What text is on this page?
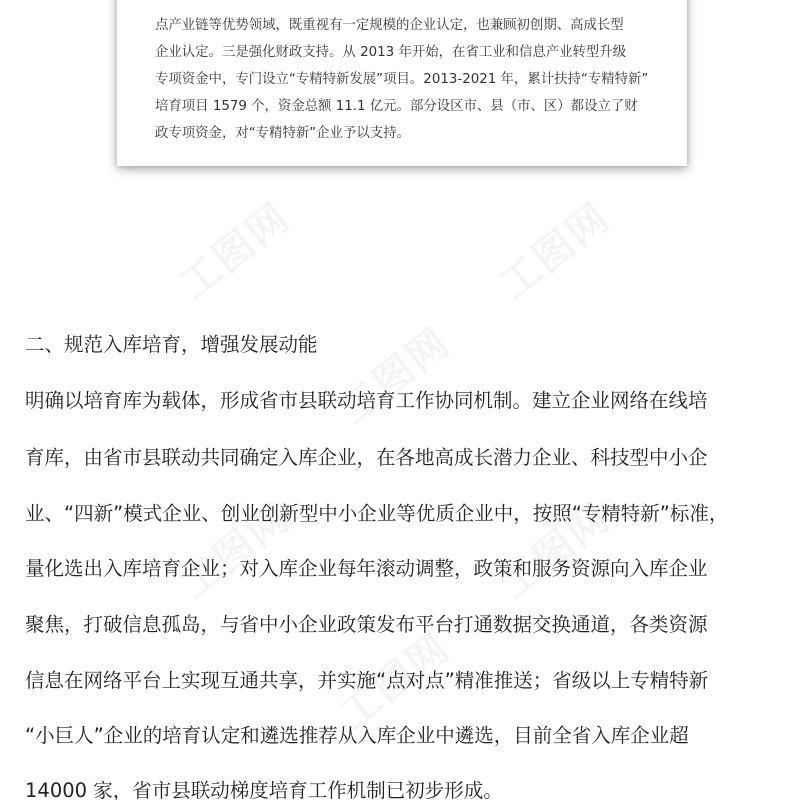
点产业链等优势领域，既重视有一定规模的企业认定，也兼顾初创期、高成长型
企业认定。三是强化财政支持。从 2013 年开始，在省工业和信息产业转型升级
专项资金中，专门设立“专精特新发展”项目。2013-2021 年，累计扶持“专精特新”
培育项目 1579 个，资金总额 11.1 亿元。部分设区市、县（市、区）都设立了财
政专项资金，对“专精特新”企业予以支持。
二、规范入库培育，增强发展动能
明确以培育库为载体，形成省市县联动培育工作协同机制。建立企业网络在线培
育库，由省市县联动共同确定入库企业，在各地高成长潜力企业、科技型中小企
业、“四新”模式企业、创业创新型中小企业等优质企业中，按照“专精特新”标准，
量化选出入库培育企业；对入库企业每年滚动调整，政策和服务资源向入库企业
聚焦，打破信息孤岛，与省中小企业政策发布平台打通数据交换通道，各类资源
信息在网络平台上实现互通共享，并实施“点对点”精准推送；省级以上专精特新
“小巨人”企业的培育认定和遴选推荐从入库企业中遴选，目前全省入库企业超
14000 家，省市县联动梯度培育工作机制已初步形成。
